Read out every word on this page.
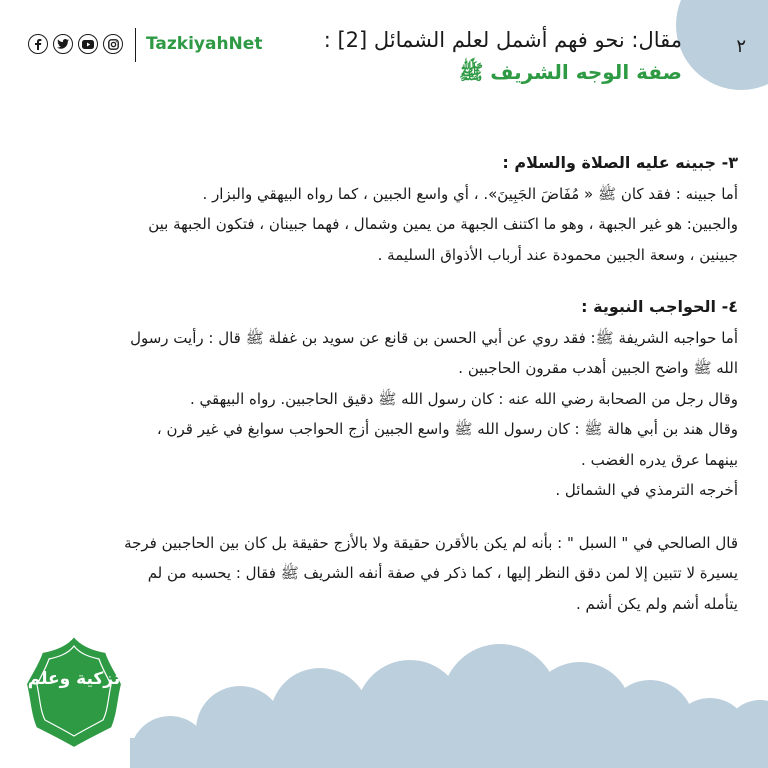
٢
مقال: نحو فهم أشمل لعلم الشمائل [2] :
صفة الوجه الشريف ﷺ
TazkiyahNet

٣- جبينه عليه الصلاة والسلام :

أما جبينه : فقد كان ﷺ « مُفَاضَ الجَبِينَ». ، أي واسع الجبين ، كما رواه البيهقي والبزار .

والجبين: هو غير الجبهة ، وهو ما اكتنف الجبهة من يمين وشمال ، فهما جبينان ، فتكون الجبهة بين

جبينين ، وسعة الجبين محمودة عند أرباب الأذواق السليمة .

٤- الحواجب النبوية :

أما حواجبه الشريفة ﷺ: فقد روي عن أبي الحسن بن قانع عن سويد بن غفلة ﷺ قال : رأيت رسول

الله ﷺ واضح الجبين أهدب مقرون الحاجبين .

وقال رجل من الصحابة رضي الله عنه : كان رسول الله ﷺ دقيق الحاجبين. رواه البيهقي .

وقال هند بن أبي هالة ﷺ : كان رسول الله ﷺ واسع الجبين أزج الحواجب سوابغ في غير قرن ،

بينهما عرق يدره الغضب .

أخرجه الترمذي في الشمائل .

قال الصالحي في " السبل " : بأنه لم يكن بالأقرن حقيقة ولا بالأزج حقيقة بل كان بين الحاجبين فرجة

يسيرة لا تتبين إلا لمن دقق النظر إليها ، كما ذكر في صفة أنفه الشريف ﷺ فقال : يحسبه من لم

يتأمله أشم ولم يكن أشم .

تزكية وعلم
